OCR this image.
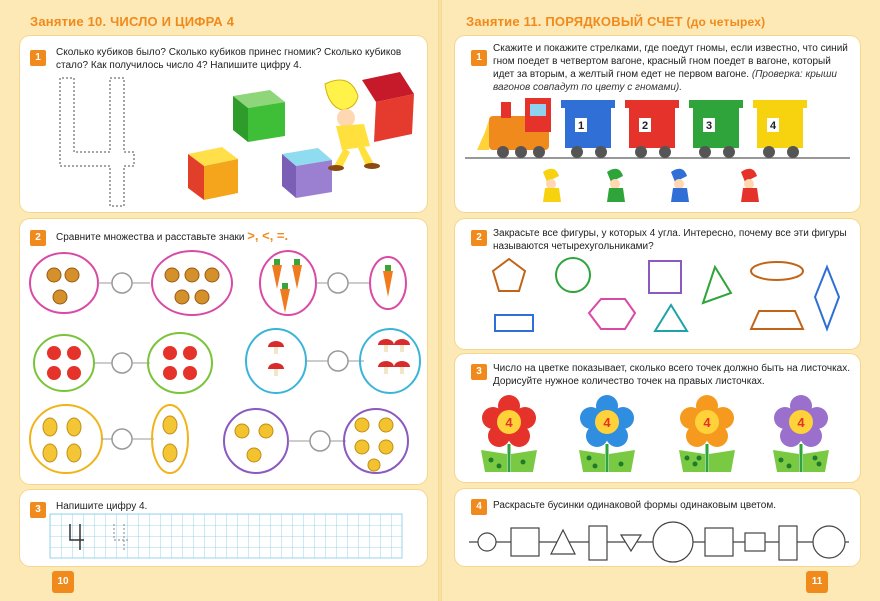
Занятие 10. ЧИСЛО И ЦИФРА 4
1	Сколько кубиков было? Сколько кубиков принес гномик? Сколько кубиков стало? Как получилось число 4? Напишите цифру 4.
2	Сравните множества и расставьте знаки >, <, =.
3	Напишите цифру 4.
10
Занятие 11. ПОРЯДКОВЫЙ СЧЕТ (до четырех)
1
Скажите и покажите стрелками, где поедут гномы, если известно, что синий гном поедет в четвертом вагоне, красный гном поедет в вагоне, который идет за вторым, а желтый гном едет не первом вагоне. (Проверка: крыши вагонов совпадут по цвету с гномами).
1	2	3	4
2	Закрасьте все фигуры, у которых 4 угла. Интересно, почему все эти фигуры называются четырехугольниками?
3	Число на цветке показывает, сколько всего точек должно быть на листочках. Дорисуйте нужное количество точек на правых листочках.
4	4	4	4
4	Раскрасьте бусинки одинаковой формы одинаковым цветом.
11
